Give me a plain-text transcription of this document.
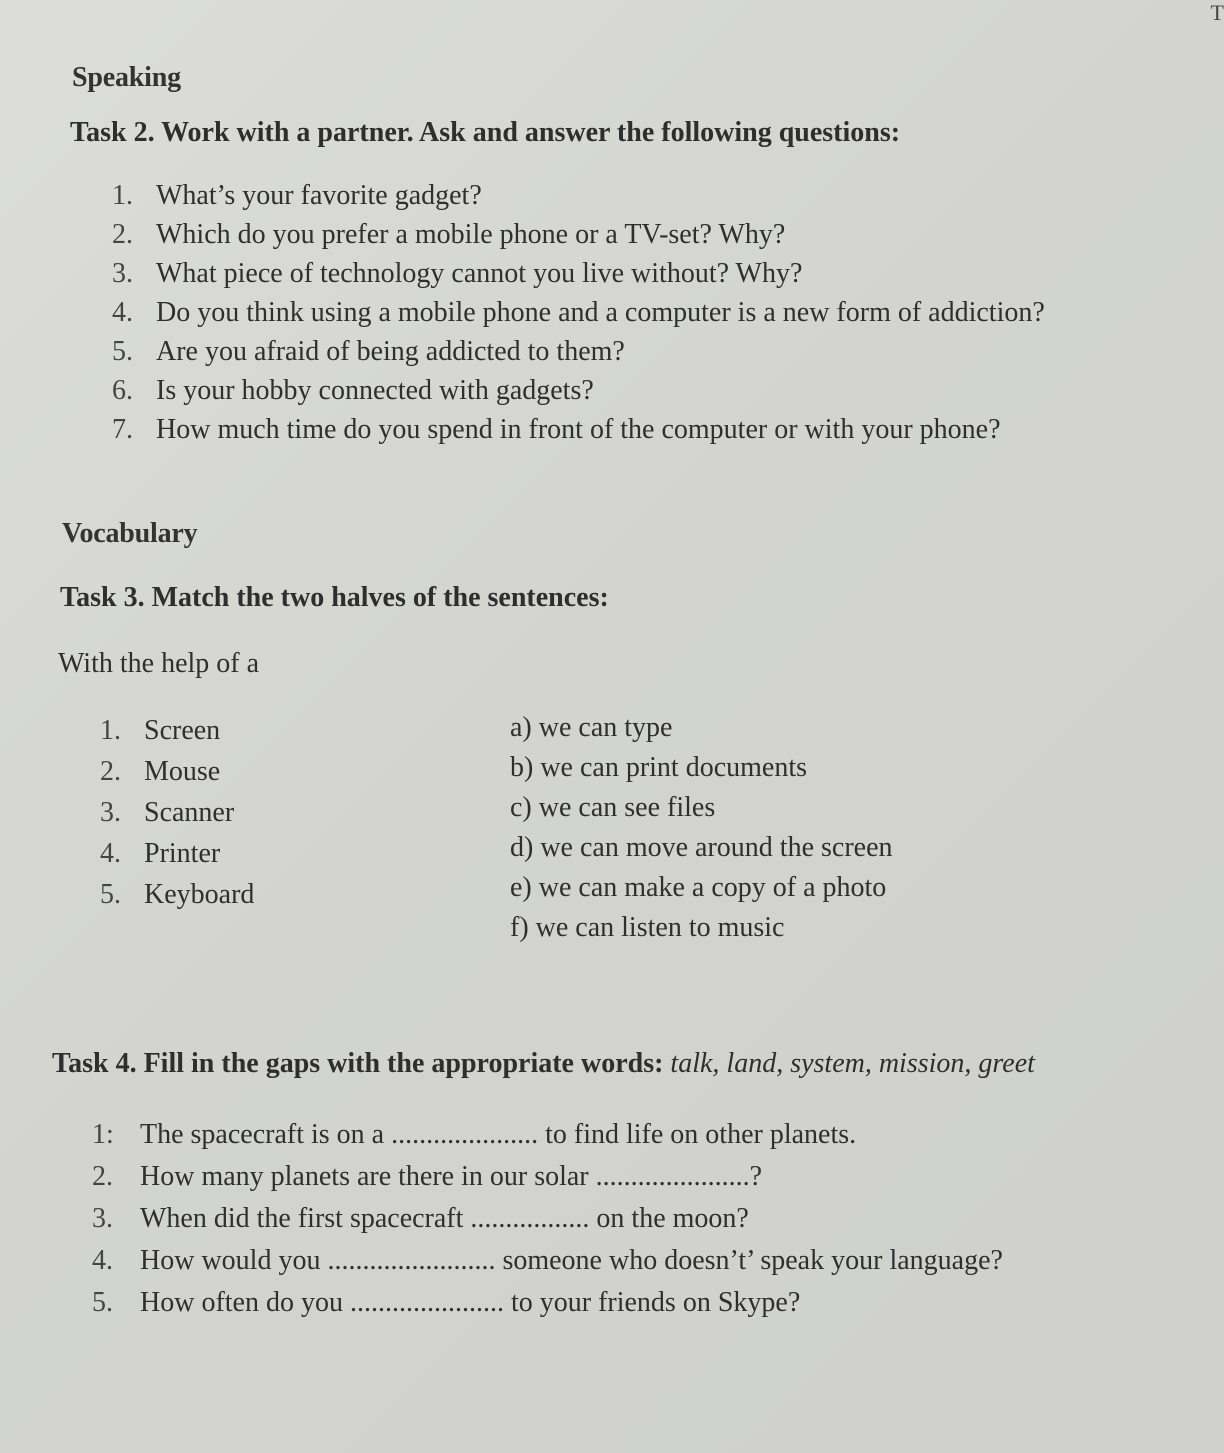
T
Speaking
Task 2. Work with a partner. Ask and answer the following questions:
1. What’s your favorite gadget?
2. Which do you prefer a mobile phone or a TV-set? Why?
3. What piece of technology cannot you live without? Why?
4. Do you think using a mobile phone and a computer is a new form of addiction?
5. Are you afraid of being addicted to them?
6. Is your hobby connected with gadgets?
7. How much time do you spend in front of the computer or with your phone?
Vocabulary
Task 3. Match the two halves of the sentences:
With the help of a
1. Screen
2. Mouse
3. Scanner
4. Printer
5. Keyboard
a) we can type
b) we can print documents
c) we can see files
d) we can move around the screen
e) we can make a copy of a photo
f) we can listen to music
Task 4. Fill in the gaps with the appropriate words: talk, land, system, mission, greet
1: The spacecraft is on a ..................... to find life on other planets.
2. How many planets are there in our solar ......................?
3. When did the first spacecraft ................. on the moon?
4. How would you ........................ someone who doesn’t’ speak your language?
5. How often do you ...................... to your friends on Skype?
